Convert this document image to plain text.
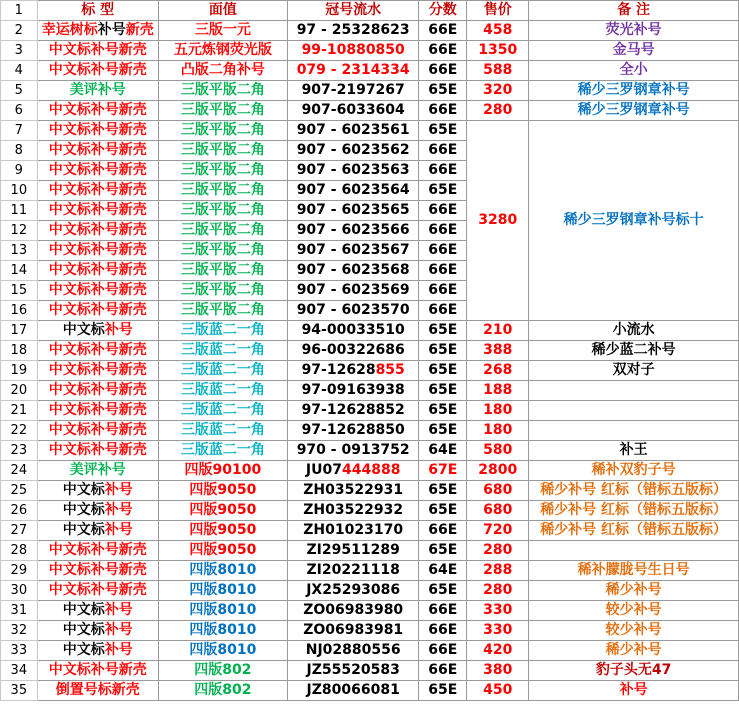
1	标 型	面值	冠号流水	分数	售价	备 注
2	幸运树标补号新壳	三版一元	97 - 25328623	66E	458	荧光补号
3	中文标补号新壳	五元炼钢荧光版	99-10880850	66E	1350	金马号
4	中文标补号新壳	凸版二角补号	079 - 2314334	66E	588	全小
5	美评补号	三版平版二角	907-2197267	65E	320	稀少三罗钢章补号
6	中文标补号新壳	三版平版二角	907-6033604	66E	280	稀少三罗钢章补号
7	中文标补号新壳	三版平版二角	907 - 6023561	65E	3280	稀少三罗钢章补号标十
8	中文标补号新壳	三版平版二角	907 - 6023562	66E		
9	中文标补号新壳	三版平版二角	907 - 6023563	66E		
10	中文标补号新壳	三版平版二角	907 - 6023564	65E		
11	中文标补号新壳	三版平版二角	907 - 6023565	66E		
12	中文标补号新壳	三版平版二角	907 - 6023566	66E		
13	中文标补号新壳	三版平版二角	907 - 6023567	66E		
14	中文标补号新壳	三版平版二角	907 - 6023568	66E		
15	中文标补号新壳	三版平版二角	907 - 6023569	66E		
16	中文标补号新壳	三版平版二角	907 - 6023570	66E		
17	中文标补号	三版蓝二一角	94-00033510	65E	210	小流水
18	中文标补号新壳	三版蓝二一角	96-00322686	65E	388	稀少蓝二补号
19	中文标补号新壳	三版蓝二一角	97-12628855	65E	268	双对子
20	中文标补号新壳	三版蓝二一角	97-09163938	65E	188	
21	中文标补号新壳	三版蓝二一角	97-12628852	65E	180	
22	中文标补号新壳	三版蓝二一角	97-12628850	65E	180	
23	中文标补号新壳	三版蓝二一角	970 - 0913752	64E	580	补王
24	美评补号	四版90100	JU07444888	67E	2800	稀补双豹子号
25	中文标补号	四版9050	ZH03522931	65E	680	稀少补号 红标（错标五版标）
26	中文标补号	四版9050	ZH03522932	65E	680	稀少补号 红标（错标五版标）
27	中文标补号	四版9050	ZH01023170	66E	720	稀少补号 红标（错标五版标）
28	中文标补号新壳	四版9050	ZI29511289	65E	280	
29	中文标补号新壳	四版8010	ZI20221118	64E	288	稀补朦胧号生日号
30	中文标补号新壳	四版8010	JX25293086	65E	280	稀少补号
31	中文标补号	四版8010	ZO06983980	66E	330	较少补号
32	中文标补号	四版8010	ZO06983981	66E	330	较少补号
33	中文标补号	四版8010	NJ02880556	66E	420	稀少补号
34	中文标补号新壳	四版802	JZ55520583	66E	380	豹子头无47
35	倒置号标新壳	四版802	JZ80066081	65E	450	补号
